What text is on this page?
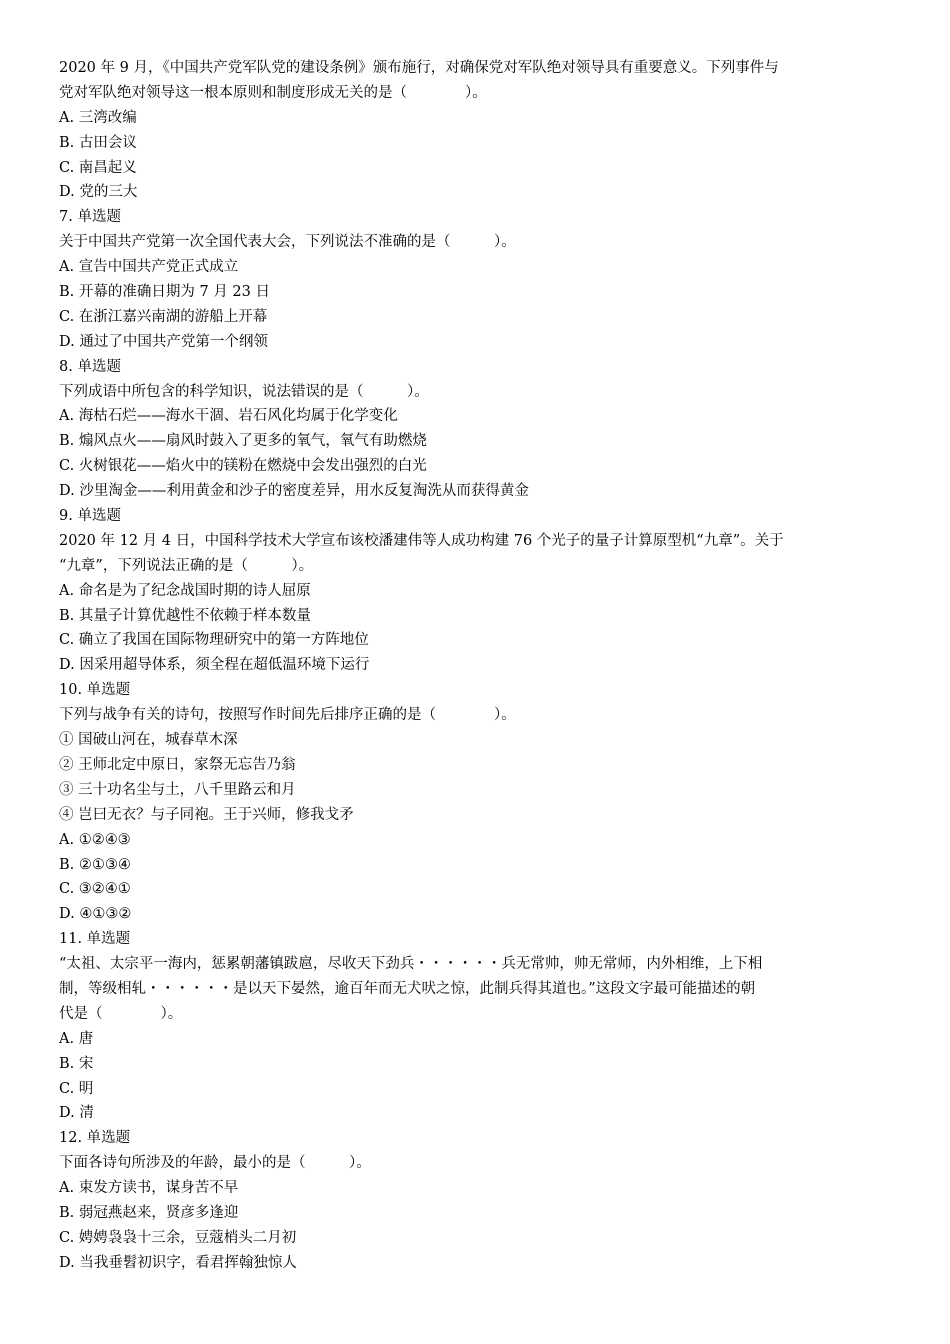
2020 年 9 月，《中国共产党军队党的建设条例》颁布施行，对确保党对军队绝对领导具有重要意义。下列事件与
党对军队绝对领导这一根本原则和制度形成无关的是（　　　　）。
A. 三湾改编
B. 古田会议
C. 南昌起义
D. 党的三大
7. 单选题
关于中国共产党第一次全国代表大会，下列说法不准确的是（　　　）。
A. 宣告中国共产党正式成立
B. 开幕的准确日期为 7 月 23 日
C. 在浙江嘉兴南湖的游船上开幕
D. 通过了中国共产党第一个纲领
8. 单选题
下列成语中所包含的科学知识，说法错误的是（　　　）。
A. 海枯石烂——海水干涸、岩石风化均属于化学变化
B. 煽风点火——扇风时鼓入了更多的氧气，氧气有助燃烧
C. 火树银花——焰火中的镁粉在燃烧中会发出强烈的白光
D. 沙里淘金——利用黄金和沙子的密度差异，用水反复淘洗从而获得黄金
9. 单选题
2020 年 12 月 4 日，中国科学技术大学宣布该校潘建伟等人成功构建 76 个光子的量子计算原型机“九章”。关于
“九章”，下列说法正确的是（　　　）。
A. 命名是为了纪念战国时期的诗人屈原
B. 其量子计算优越性不依赖于样本数量
C. 确立了我国在国际物理研究中的第一方阵地位
D. 因采用超导体系，须全程在超低温环境下运行
10. 单选题
下列与战争有关的诗句，按照写作时间先后排序正确的是（　　　　）。
① 国破山河在，城春草木深
② 王师北定中原日，家祭无忘告乃翁
③ 三十功名尘与土，八千里路云和月
④ 岂曰无衣？与子同袍。王于兴师，修我戈矛
A. ①②④③
B. ②①③④
C. ③②④①
D. ④①③②
11. 单选题
“太祖、太宗平一海内，惩累朝藩镇跋扈，尽收天下劲兵・・・・・・兵无常帅，帅无常师，内外相维，上下相
制，等级相轧・・・・・・是以天下晏然，逾百年而无犬吠之惊，此制兵得其道也。”这段文字最可能描述的朝
代是（　　　　）。
A. 唐
B. 宋
C. 明
D. 清
12. 单选题
下面各诗句所涉及的年龄，最小的是（　　　）。
A. 束发方读书，谋身苦不早
B. 弱冠燕赵来，贤彦多逢迎
C. 娉娉袅袅十三余，豆蔻梢头二月初
D. 当我垂髫初识字，看君挥翰独惊人
